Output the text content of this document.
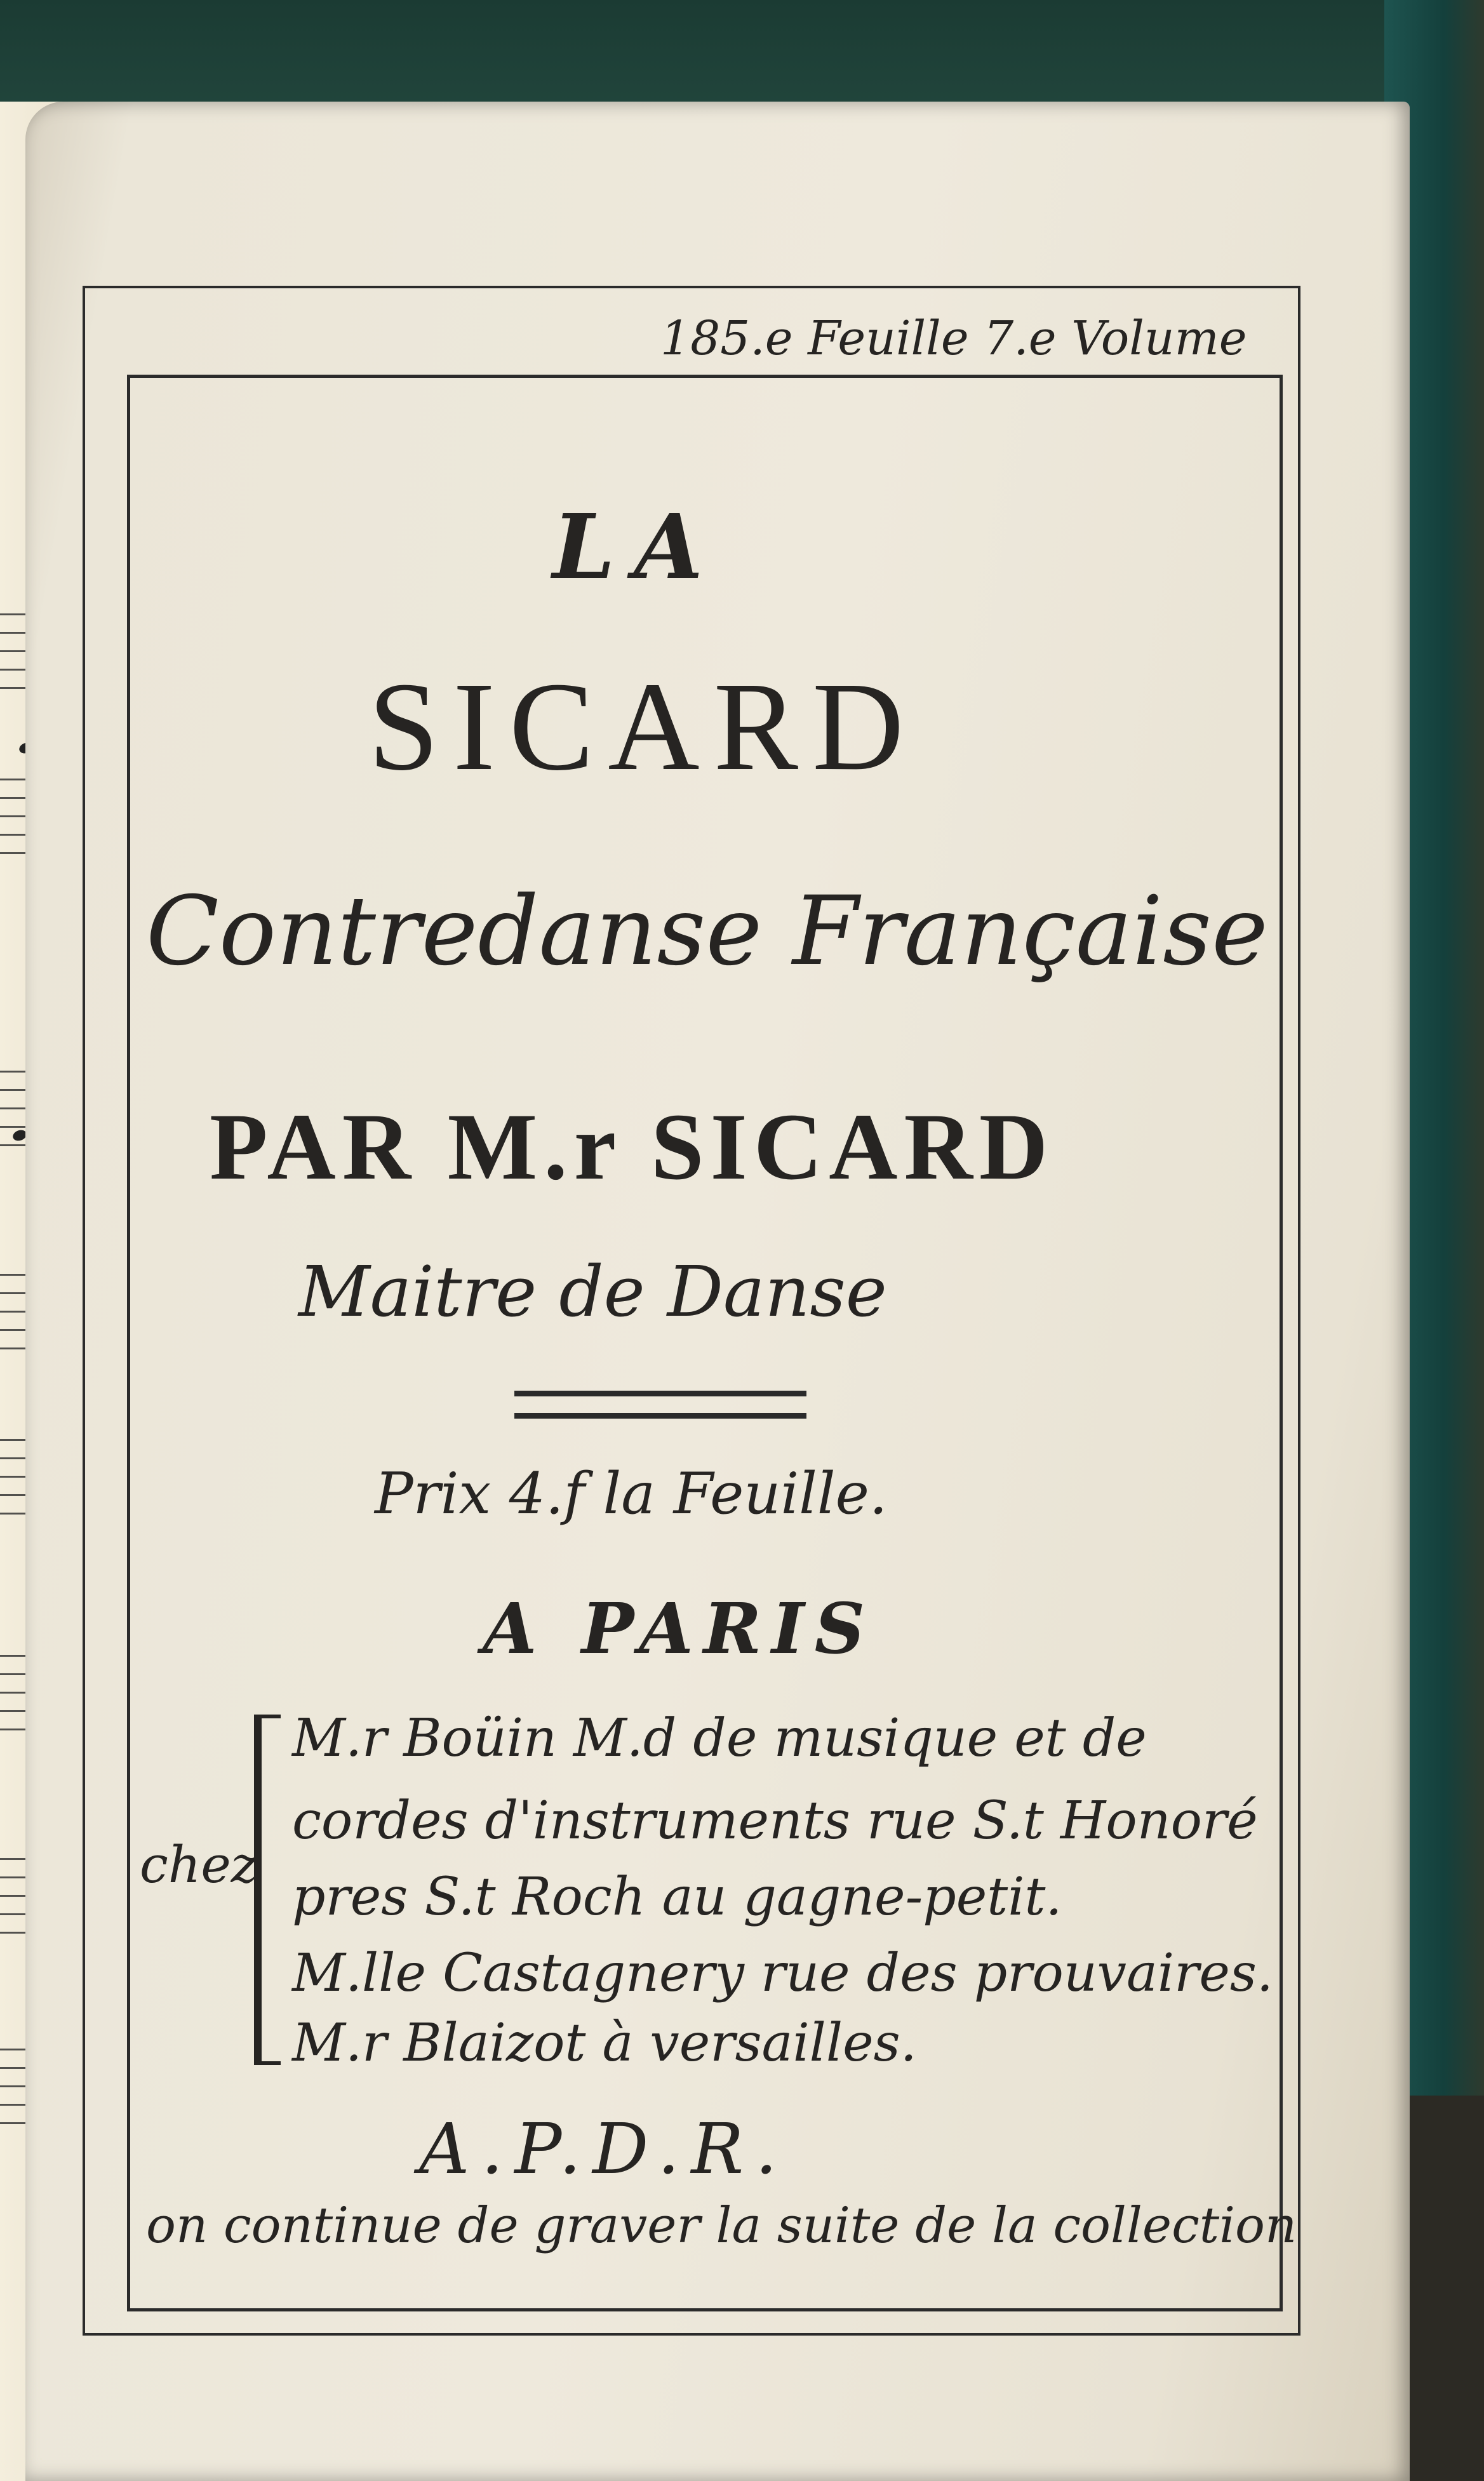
185.e Feuille 7.e Volume
LA
SICARD
Contredanse Française
PAR M.r SICARD
Maitre de Danse
Prix 4.f la Feuille.
A PARIS
chez
M.r Boüin M.d de musique et de
cordes d'instruments rue S.t Honoré
pres S.t Roch au gagne-petit.
M.lle Castagnery rue des prouvaires.
M.r Blaizot à versailles.
A.P.D.R.
on continue de graver la suite de la collection
